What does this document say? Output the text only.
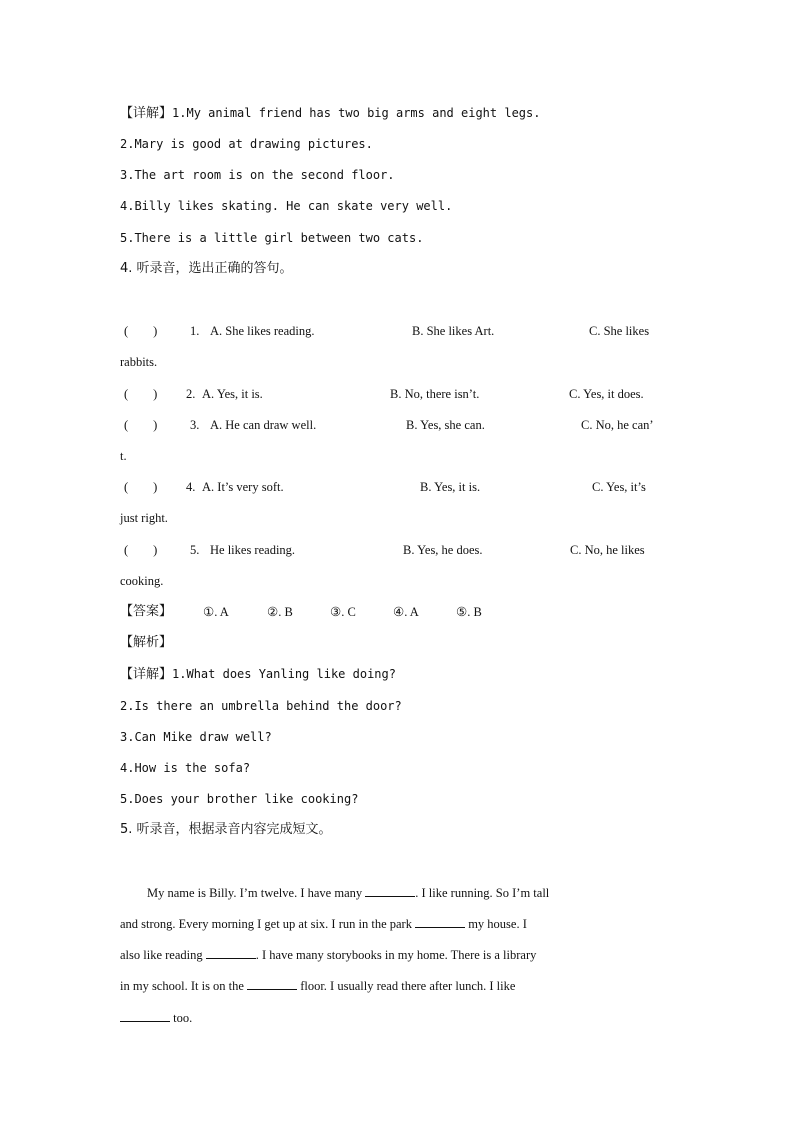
【详解】1.My animal friend has two big arms and eight legs.
2.Mary is good at drawing pictures.
3.The art room is on the second floor.
4.Billy likes skating. He can skate very well.
5.There is a little girl between two cats.
4. 听录音，选出正确的答句。
(　　)	1. A. She likes reading.	B. She likes Art.	C. She likes
rabbits.
(　　) 2. A. Yes, it is.	B. No, there isn’t.	C. Yes, it does.
(　　)	3. A. He can draw well.	B. Yes, she can.	C. No, he can’
t.
(　　) 4. A. It’s very soft.	B. Yes, it is.	C. Yes, it’s
just right.
(　　)	5. He likes reading.	B. Yes, he does.	C. No, he likes
cooking.
【答案】 ①. A	②. B	③. C	④. A	⑤. B
【解析】
【详解】1.What does Yanling like doing?
2.Is there an umbrella behind the door?
3.Can Mike draw well?
4.How is the sofa?
5.Does your brother like cooking?
5. 听录音，根据录音内容完成短文。
My name is Billy. I’m twelve. I have many	. I like running. So I’m tall
and strong. Every morning I get up at six. I run in the park	my house. I
also like reading	. I have many storybooks in my home. There is a library
in my school. It is on the	floor. I usually read there after lunch. I like
too.
